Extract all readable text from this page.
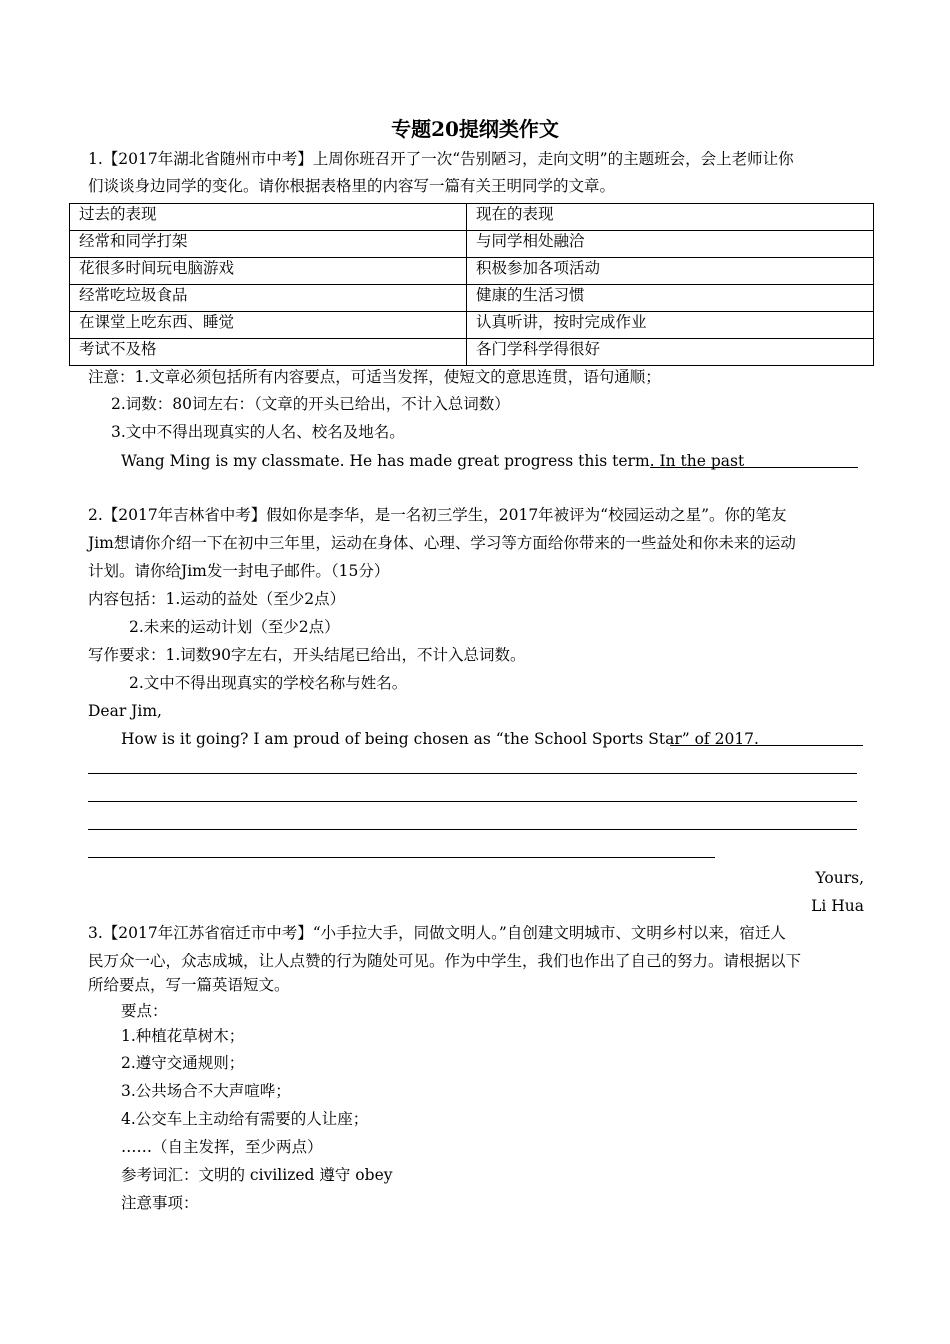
专题20提纲类作文
1.【2017年湖北省随州市中考】上周你班召开了一次“告别陋习，走向文明”的主题班会，会上老师让你
们谈谈身边同学的变化。请你根据表格里的内容写一篇有关王明同学的文章。
过去的表现	现在的表现
经常和同学打架	与同学相处融洽
花很多时间玩电脑游戏	积极参加各项活动
经常吃垃圾食品	健康的生活习惯
在课堂上吃东西、睡觉	认真听讲，按时完成作业
考试不及格	各门学科学得很好
注意：1.文章必须包括所有内容要点，可适当发挥，使短文的意思连贯，语句通顺；
2.词数：80词左右：（文章的开头已给出，不计入总词数）
3.文中不得出现真实的人名、校名及地名。
Wang Ming is my classmate. He has made great progress this term. In the past
2.【2017年吉林省中考】假如你是李华，是一名初三学生，2017年被评为“校园运动之星”。你的笔友
Jim想请你介绍一下在初中三年里，运动在身体、心理、学习等方面给你带来的一些益处和你未来的运动
计划。请你给Jim发一封电子邮件。（15分）
内容包括：1.运动的益处（至少2点）
2.未来的运动计划（至少2点）
写作要求：1.词数90字左右，开头结尾已给出，不计入总词数。
2.文中不得出现真实的学校名称与姓名。
Dear Jim,
How is it going? I am proud of being chosen as “the School Sports Star” of 2017.
Yours,
Li Hua
3.【2017年江苏省宿迁市中考】“小手拉大手，同做文明人。”自创建文明城市、文明乡村以来，宿迁人
民万众一心，众志成城，让人点赞的行为随处可见。作为中学生，我们也作出了自己的努力。请根据以下
所给要点，写一篇英语短文。
要点：
1.种植花草树木；
2.遵守交通规则；
3.公共场合不大声喧哗；
4.公交车上主动给有需要的人让座；
……（自主发挥，至少两点）
参考词汇：文明的 civilized 遵守 obey
注意事项：
